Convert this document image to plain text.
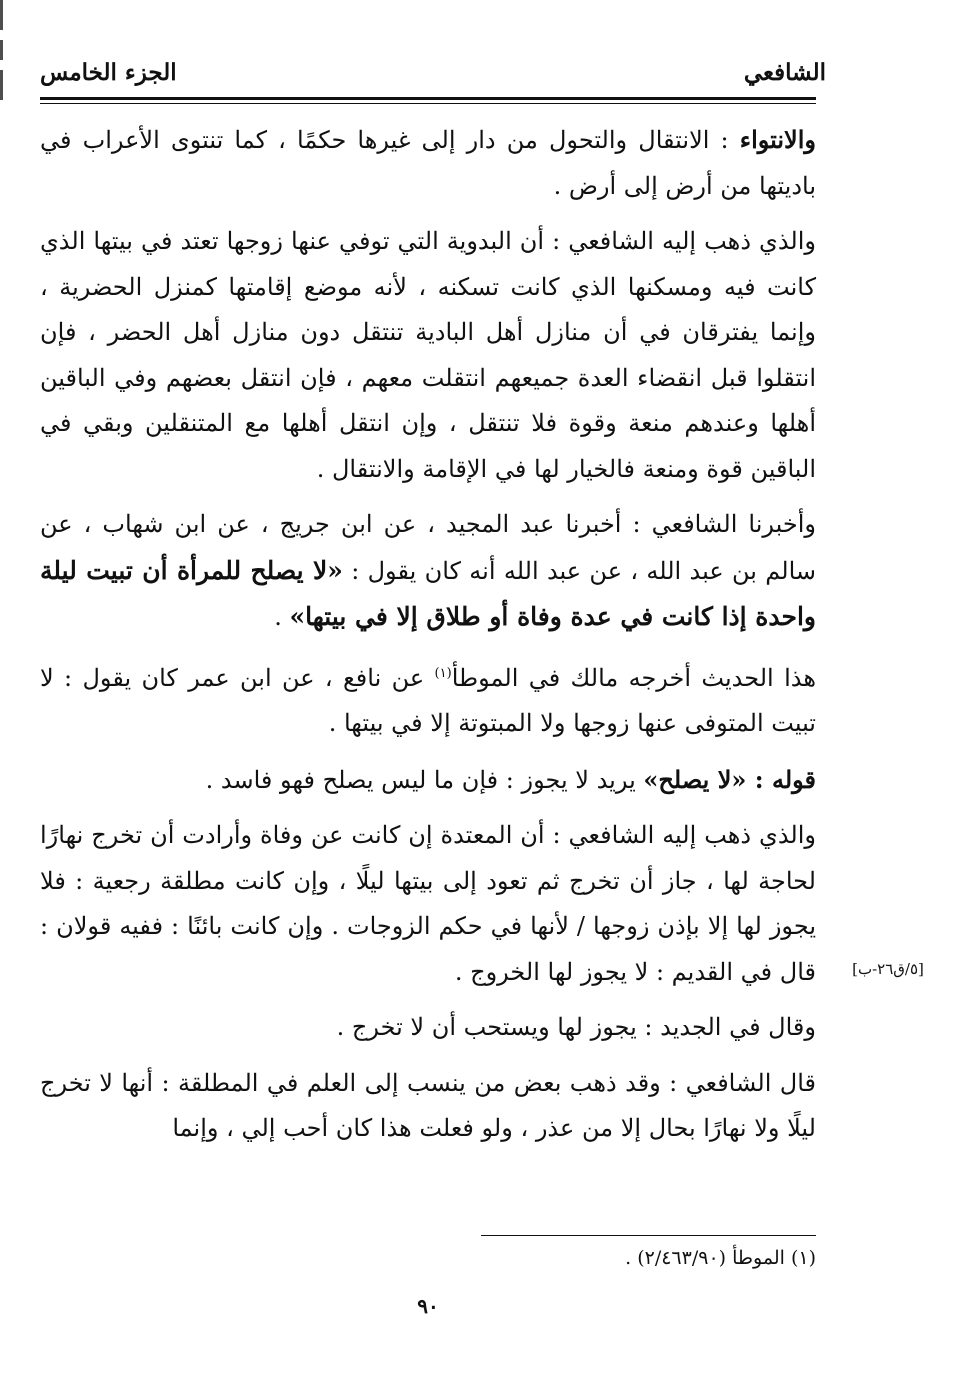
الشافعي
الجزء الخامس

والانتواء : الانتقال والتحول من دار إلى غيرها حكمًا ، كما تنتوى الأعراب في باديتها من أرض إلى أرض .

والذي ذهب إليه الشافعي : أن البدوية التي توفي عنها زوجها تعتد في بيتها الذي كانت فيه ومسكنها الذي كانت تسكنه ، لأنه موضع إقامتها كمنزل الحضرية ، وإنما يفترقان في أن منازل أهل البادية تنتقل دون منازل أهل الحضر ، فإن انتقلوا قبل انقضاء العدة جميعهم انتقلت معهم ، فإن انتقل بعضهم وفي الباقين أهلها وعندهم منعة وقوة فلا تنتقل ، وإن انتقل أهلها مع المتنقلين وبقي في الباقين قوة ومنعة فالخيار لها في الإقامة والانتقال .

وأخبرنا الشافعي : أخبرنا عبد المجيد ، عن ابن جريج ، عن ابن شهاب ، عن سالم بن عبد الله ، عن عبد الله أنه كان يقول : «لا يصلح للمرأة أن تبيت ليلة واحدة إذا كانت في عدة وفاة أو طلاق إلا في بيتها» .

هذا الحديث أخرجه مالك في الموطأ$^{(١)}$ عن نافع ، عن ابن عمر كان يقول : لا تبيت المتوفى عنها زوجها ولا المبتوتة إلا في بيتها .

قوله : «لا يصلح» يريد لا يجوز : فإن ما ليس يصلح فهو فاسد .

والذي ذهب إليه الشافعي : أن المعتدة إن كانت عن وفاة وأرادت أن تخرج نهارًا لحاجة لها ، جاز أن تخرج ثم تعود إلى بيتها ليلًا ، وإن كانت مطلقة رجعية : فلا يجوز لها إلا بإذن زوجها / لأنها في حكم الزوجات . وإن كانت بائنًا : ففيه قولان : قال في القديم : لا يجوز لها الخروج .

وقال في الجديد : يجوز لها ويستحب أن لا تخرج .

قال الشافعي : وقد ذهب بعض من ينسب إلى العلم في المطلقة : أنها لا تخرج ليلًا ولا نهارًا بحال إلا من عذر ، ولو فعلت هذا كان أحب إلي ، وإنما

[٥/ق٢٦-ب]
(١) الموطأ (٢/٤٦٣/٩٠) .
٩٠
